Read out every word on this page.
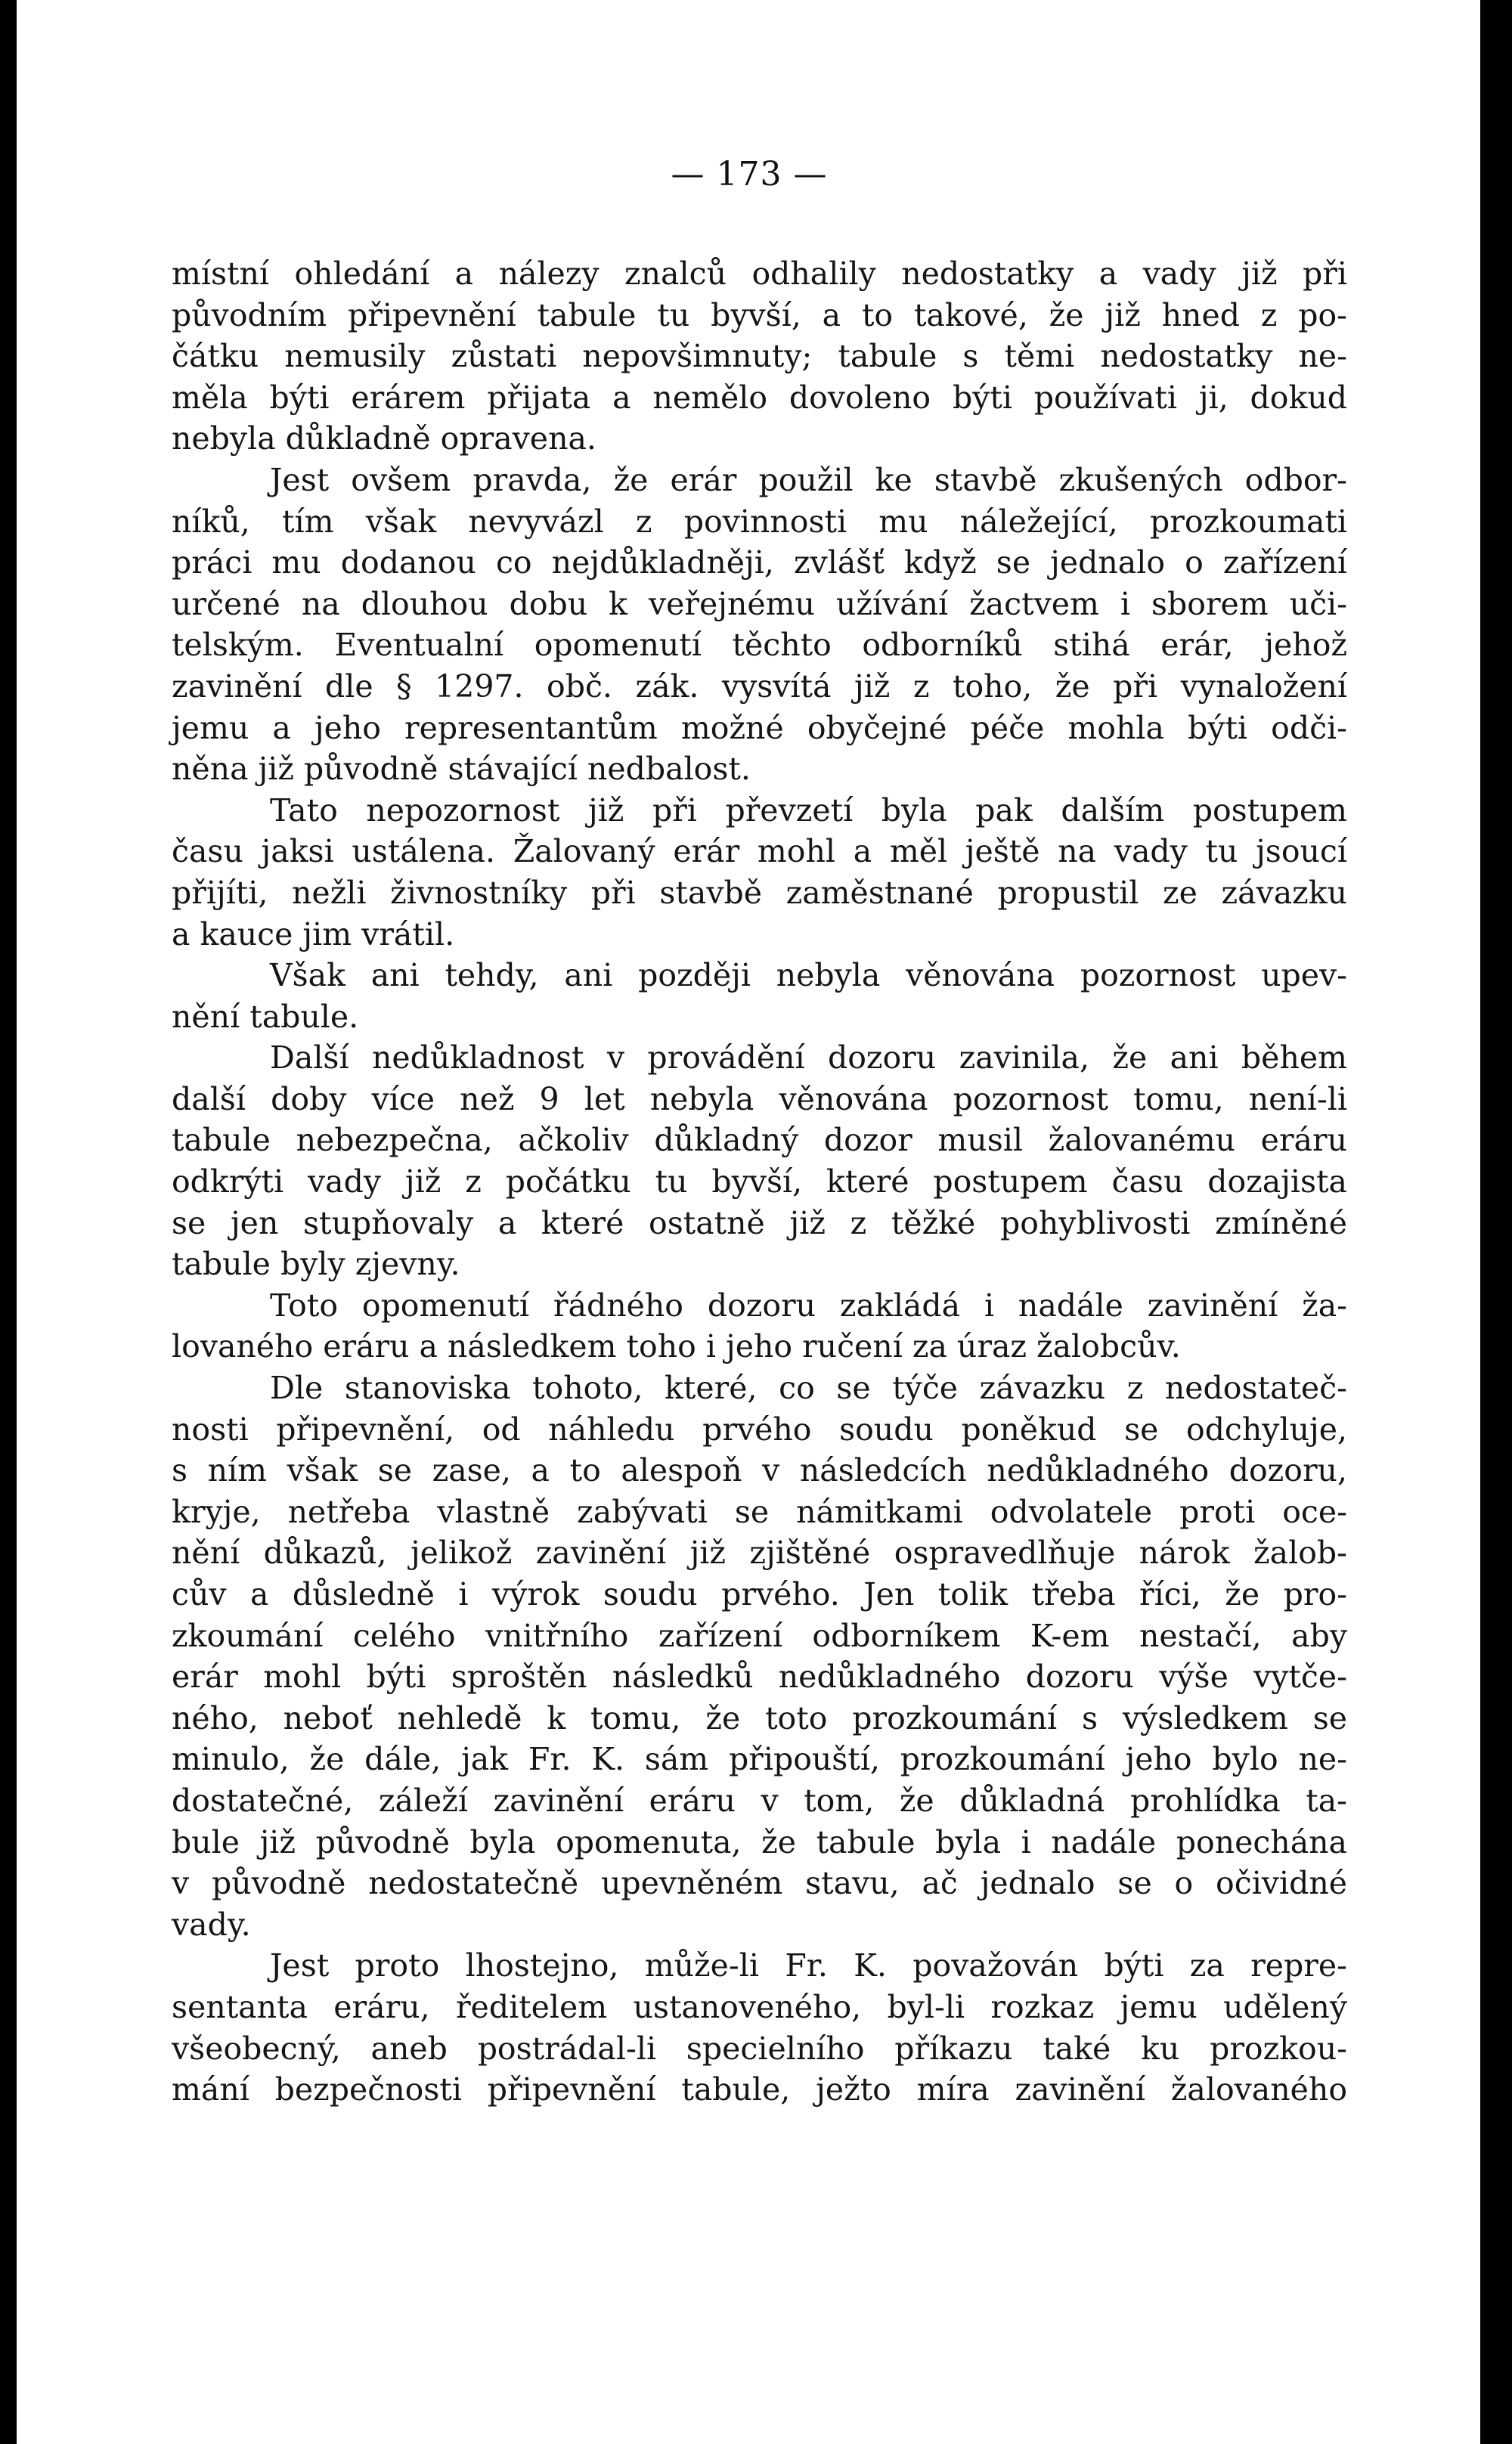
— 173 —
místní ohledání a nálezy znalců odhalily nedostatky a vady již při
původním připevnění tabule tu byvší, a to takové, že již hned z po-
čátku nemusily zůstati nepovšimnuty; tabule s těmi nedostatky ne-
měla býti erárem přijata a nemělo dovoleno býti používati ji, dokud
nebyla důkladně opravena.
Jest ovšem pravda, že erár použil ke stavbě zkušených odbor-
níků, tím však nevyvázl z povinnosti mu náležející, prozkoumati
práci mu dodanou co nejdůkladněji, zvlášť když se jednalo o zařízení
určené na dlouhou dobu k veřejnému užívání žactvem i sborem uči-
telským. Eventualní opomenutí těchto odborníků stihá erár, jehož
zavinění dle § 1297. obč. zák. vysvítá již z toho, že při vynaložení
jemu a jeho representantům možné obyčejné péče mohla býti odči-
něna již původně stávající nedbalost.
Tato nepozornost již při převzetí byla pak dalším postupem
času jaksi ustálena. Žalovaný erár mohl a měl ještě na vady tu jsoucí
přijíti, nežli živnostníky při stavbě zaměstnané propustil ze závazku
a kauce jim vrátil.
Však ani tehdy, ani později nebyla věnována pozornost upev-
nění tabule.
Další nedůkladnost v provádění dozoru zavinila, že ani během
další doby více než 9 let nebyla věnována pozornost tomu, není-li
tabule nebezpečna, ačkoliv důkladný dozor musil žalovanému eráru
odkrýti vady již z počátku tu byvší, které postupem času dozajista
se jen stupňovaly a které ostatně již z těžké pohyblivosti zmíněné
tabule byly zjevny.
Toto opomenutí řádného dozoru zakládá i nadále zavinění ža-
lovaného eráru a následkem toho i jeho ručení za úraz žalobcův.
Dle stanoviska tohoto, které, co se týče závazku z nedostateč-
nosti připevnění, od náhledu prvého soudu poněkud se odchyluje,
s ním však se zase, a to alespoň v následcích nedůkladného dozoru,
kryje, netřeba vlastně zabývati se námitkami odvolatele proti oce-
nění důkazů, jelikož zavinění již zjištěné ospravedlňuje nárok žalob-
cův a důsledně i výrok soudu prvého. Jen tolik třeba říci, že pro-
zkoumání celého vnitřního zařízení odborníkem K-em nestačí, aby
erár mohl býti sproštěn následků nedůkladného dozoru výše vytče-
ného, neboť nehledě k tomu, že toto prozkoumání s výsledkem se
minulo, že dále, jak Fr. K. sám připouští, prozkoumání jeho bylo ne-
dostatečné, záleží zavinění eráru v tom, že důkladná prohlídka ta-
bule již původně byla opomenuta, že tabule byla i nadále ponechána
v původně nedostatečně upevněném stavu, ač jednalo se o očividné
vady.
Jest proto lhostejno, může-li Fr. K. považován býti za repre-
sentanta eráru, ředitelem ustanoveného, byl-li rozkaz jemu udělený
všeobecný, aneb postrádal-li specielního příkazu také ku prozkou-
mání bezpečnosti připevnění tabule, ježto míra zavinění žalovaného
